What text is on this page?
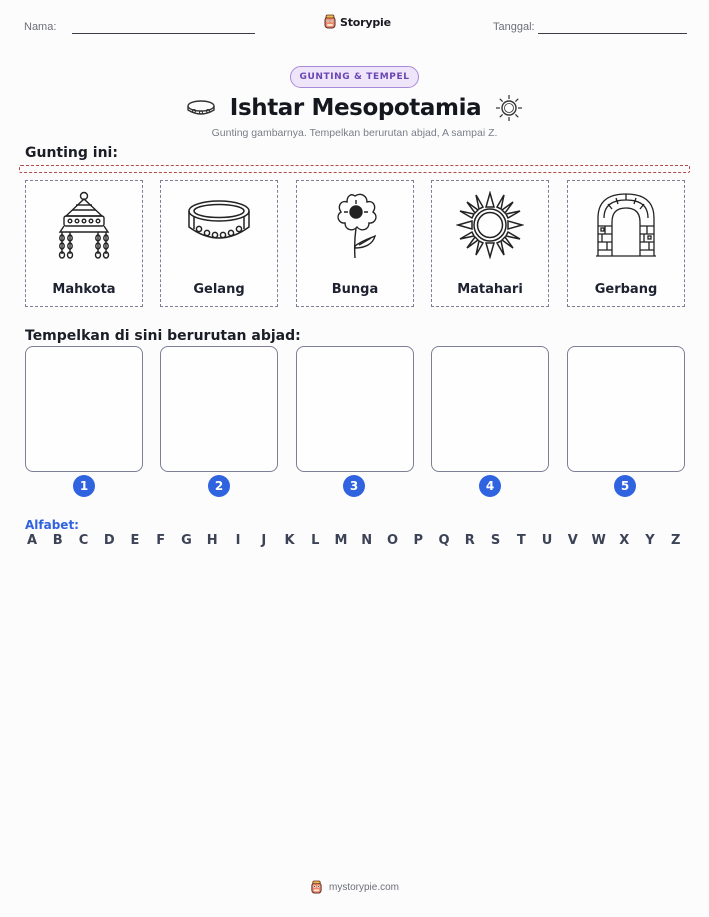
Nama:	Storypie	Tanggal:
GUNTING & TEMPEL
Ishtar Mesopotamia
Gunting gambarnya. Tempelkan berurutan abjad, A sampai Z.
Gunting ini:
Mahkota	Gelang	Bunga	Matahari	Gerbang
Tempelkan di sini berurutan abjad:
1	2	3	4	5
Alfabet:
A B C D E F G H	I	J	K L M N O P Q R S T U V W X Y Z
mystorypie.com
